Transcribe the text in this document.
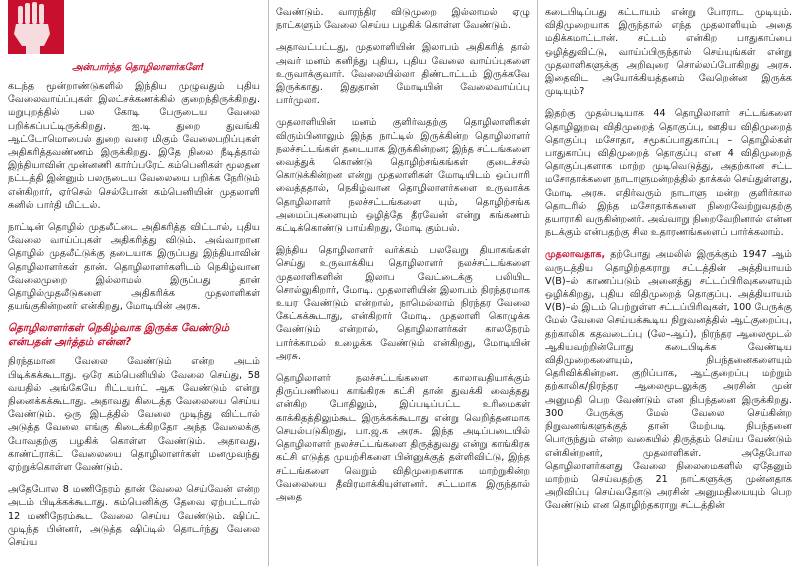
அன்பார்ந்த தொழிலாளர்களே!

கடந்த மூன்றாண்டுகளில் இந்திய முழுவதும் புதிய வேலைவாய்ப்புகள் இலட்சக்கணக்கில் குறைந்திருக்கிறது. மறுபுறத்தில் பல கோடி பேருடைய வேலை பறிக்கப்பட்டிருக்கிறது. ஐ.டி துறை துவங்கி ஆட்டோமொபைல் துறை வரை மிகும் வேலைபறிப்புகள் அதிகரித்தவண்ணம் இருக்கிறது. இதே நிலை நீடித்தால் இந்தியாவின் முன்னணி கார்ப்பரேட் கம்பெனிகள் மூலதன நட்டத்தி இன்னும் பலருடைய வேலையை பறிக்க நேரிடும் என்கிறார், ஏர்செல் செல்போன் கம்பெனியின் முதலாளி சுனில் பார்தி மிட்டல்.

நாட்டின் தொழில் முதலீட்டை அதிகரித்த விட்டால், புதிய வேலை வாய்ப்புகள் அதிகரித்து விடும். அவ்வாறான தொழில் முதலீட்டுக்கு தடையாக இருப்பது இந்தியாவின் தொழிலாளர்கள் தான். தொழிலாளர்களிடம் நெகிழ்வான வேலைமுறை இல்லாமல் இருப்பது தான் தொழில்முதலீடுகளை அதிகரிக்க முதலாளிகள் தயங்குகின்றனர் என்கிறது, மோடியின் அரசு.

தொழிலாளர்கள் நெகிழ்வாக இருக்க வேண்டும் என்பதன் அர்த்தம் என்ன?

நிரந்தமான வேலை வேண்டும் என்ற அடம் பிடிக்கக்கூடாது. ஒரே கம்பெனியில் வேலை செய்து, 58 வயதில் அங்கேயே ரிட்டயர்ட் ஆக வேண்டும் என்று நினைக்கக்கூடாது. அதாவது கிடைத்த வேலையை செய்ய வேண்டும். ஒரு இடத்தில் வேலை முடிந்து விட்டால் அடுத்த வேலை எங்கு கிடைக்கிறதோ அந்த வேலைக்கு போவதற்கு பழகிக் கொள்ள வேண்டும். அதாவது, காண்ட்ராக்ட் வேலையை தொழிலாளர்கள் மனமுவந்து ஏற்றுக்கொள்ள வேண்டும்.

அதேபோல 8 மணிநேரம் தான் வேலை செய்வேன் என்ற அடம் பிடிக்கக்கூடாது. கம்பெனிக்கு தேவை ஏற்பட்டால் 12 மணிநேரம்கூட வேலை செய்ய வேண்டும். ஷிப்ட் முடிந்த பின்னர், அடுத்த ஷிப்டில் தொடர்ந்து வேலை செய்ய

வேண்டும். வாரந்திர விடுமுறை இல்லாமல் ஏழு நாட்களும் வேலை செய்ய பழகிக் கொள்ள வேண்டும்.

அதாவட்பட்டது, முதலாளியின் இலாபம் அதிகரித் தால் அவர் மனம் கனிந்து புதிய, புதிய வேலை வாய்ப்புகளை உருவாக்குவார். வேலையில்லா திண்டாட்டம் இருக்கவே இருக்காது. இதுதான் மோடியின் வேலைவாய்ப்பு பார்முலா.

முதலாளியின் மனம் குளிர்வதற்கு தொழிலாளிகள் விரும்பினாலும் இந்த நாட்டில் இருக்கின்ற தொழிலாளர் நலச்சட்டங்கள் தடையாக இருக்கின்றன; இந்த சட்டங்களை வைத்துக் கொண்டு தொழிற்சங்கங்கள் குடைச்சல் கொடுக்கின்றன என்று முதலாளிகள் மோடியிடம் ஒப்பாரி வைத்ததால், நெகிழ்வான தொழிலாளர்களை உருவாக்க தொழிலாளர் நலச்சட்டங்களை யும், தொழிற்சங்க அமைப்புகளையும் ஒழித்தே தீரவேன் என்று கங்கணம் கட்டிக்கொண்டு பாய்கிறது, மோடி கும்பல்.

இந்திய தொழிலாளர் வர்க்கம் பலவேறு தியாகங்கள் செய்து உருவாக்கிய தொழிலாளர் நலச்சட்டங்களை முதலாளிகளின் இலாப வேட்டைக்கு பலியிட சொல்லுகிறார், மோடி. முதலாளியின் இலாபம் நிரந்தரமாக உயர வேண்டும் என்றால், நாமெல்லாம் நிரந்தர வேலை கேட்கக்கூடாது, என்கிறார் மோடி. முதலாளி கொழுக்க வேண்டும் என்றால், தொழிலாளர்கள் காலநேரம் பார்க்காமல் உழைக்க வேண்டும் என்கிறது, மோடியின் அரசு.

தொழிலாளர் நலச்சட்டங்களை காலாவதியாக்கும் திருப்பணியை காங்கிரசு கட்சி தான் துவக்கி வைத்தது என்கிற போதிலும், இப்படிப்பட்ட உரிமைகள் காக்கிதத்திலும்கூட இருக்கக்கூடாது என்று வெறித்தனமாக செயல்படுகிறது, பா.ஜ.க அரசு. இந்த அடிப்படையில் தொழிலாளர் நலச்சட்டங்களை திருத்துவது என்று காங்கிரசு கட்சி எடுத்த முயற்சிகளை பின்னுக்குத் தள்ளிவிட்டு, இந்த சட்டங்களை வெறும் விதிமுறைகளாக மாற்றுகின்ற வேலையை தீவிரமாக்கியுள்ளனர். சட்டமாக இருந்தால் அதை

கடைபிடிப்பது கட்டாயம் என்று போராட முடியும். விதிமுறையாக இருந்தால் எந்த முதலாளியும் அதை மதிக்கமாட்டான். சட்டம் என்கிற பாதுகாப்பை ஒழித்துவிட்டு, வாய்ப்பிருந்தால் செய்யுங்கள் என்று முதலாளிகளுக்கு அறிவுரை சொல்லப்போகிறது அரசு. இதைவிட அயோக்கியத்தனம் வேறென்ன இருக்க முடியும்?

இதற்கு முதல்படியாக 44 தொழிலாளர் சட்டங்களை தொழிலுறவு விதிமுறைத் தொகுப்பு, ஊதிய விதிமுறைத் தொகுப்பு மசோதா, சமூகப்பாதுகாப்பு – தொழில்கள் பாதுகாப்பு விதிமுறைத் தொகுப்பு என 4 விதிமுறைத் தொகுப்புகளாக மாற்ற முடிவெடுத்து, அதற்கான சட்ட மசோதாக்களை நாடாளுமன்றத்தில் தாக்கல் செய்துள்ளது, மோடி அரசு. எதிர்வரும் நாடாளு மன்ற குளிர்கால தொடரில் இந்த மசோதாக்களை நிறைவேற்றுவதற்கு தயாராகி வருகின்றனர். அவ்வாறு நிறைவேறினால் என்ன நடக்கும் என்பதற்கு சில உதாரணங்களைப் பார்க்கலாம்.

முதலாவதாக, தற்போது அமலில் இருக்கும் 1947 ஆம் வருடத்திய தொழிற்தகராறு சட்டத்தின் அத்தியாயம் V(B)–ல் காணப்படும் அனைத்து சட்டப்பிரிவுகளையும் ஒழிக்கிறது, புதிய விதிமுறைத் தொகுப்பு. அத்தியாயம் V(B)–ல் இடம் பெற்றுள்ள சட்டப்பிரிவுகள், 100 பேருக்கு மேல் வேலை செய்யக்கூடிய நிறுவனத்தில் ஆட்குறைப்பு, தற்காலிக கதவடைப்பு (லே–ஆப்), நிரந்தர ஆலைமூடல் ஆகியவற்றின்போது கடைபிடிக்க வேண்டிய விதிமுறைகளையும், நிபந்தனைகளையும் தெரிவிக்கின்றன. குறிப்பாக, ஆட்குறைப்பு மற்றும் தற்காலிக/நிரந்தர ஆலைமூடலுக்கு அரசின் முன் அனுமதி பெற வேண்டும் என நிபந்தனை இருக்கிறது. 300 பேருக்கு மேல் வேலை செய்கின்ற நிறுவனங்களுக்குத் தான் மேற்படி நிபந்தனை பொருந்தும் என்ற வகையில் திருத்தம் செய்ய வேண்டும் என்கின்றனர், முதலாளிகள். அதேபோல தொழிலாளர்களது வேலை நிலைமைகளில் ஏதேனும் மாற்றம் செய்வதற்கு 21 நாட்களுக்கு முன்னதாக அறிவிப்பு செய்வதோடு அரசின் அனுமதியையும் பெற வேண்டும் என தொழிற்தகராறு சட்டத்தின்
